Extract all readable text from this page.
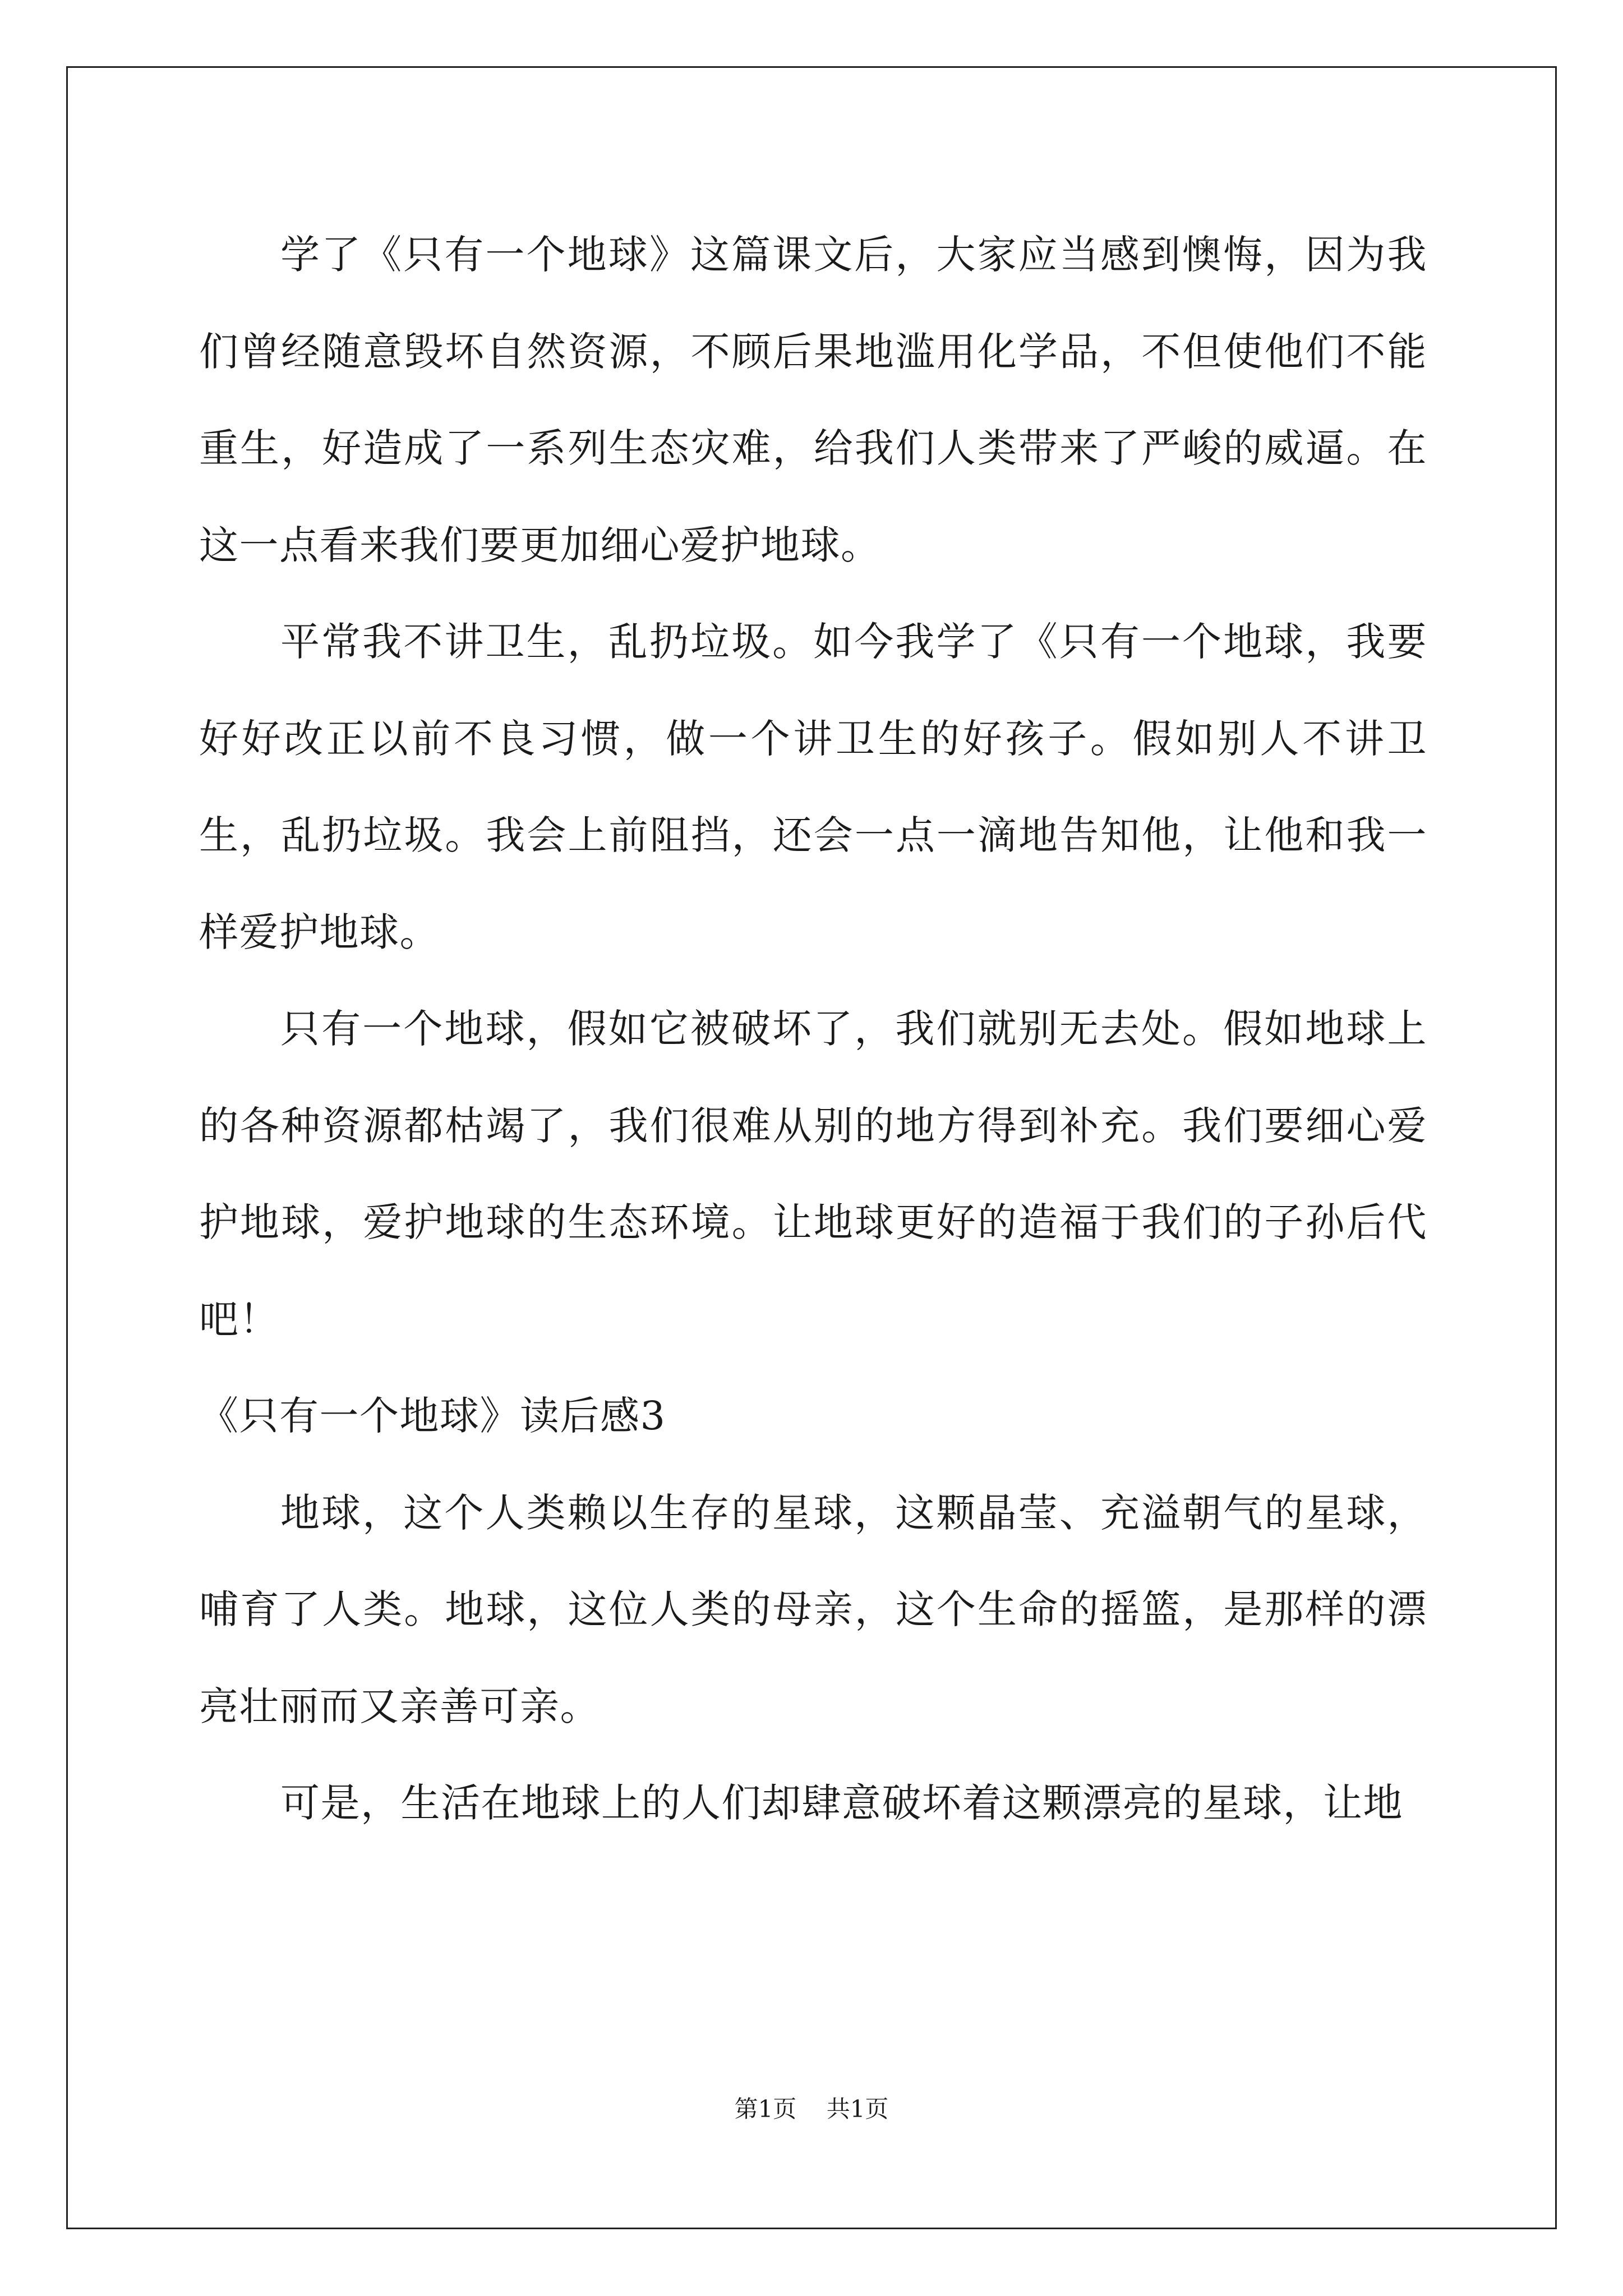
学了《只有一个地球》这篇课文后，大家应当感到懊悔，因为我们曾经随意毁坏自然资源，不顾后果地滥用化学品，不但使他们不能重生，好造成了一系列生态灾难，给我们人类带来了严峻的威逼。在这一点看来我们要更加细心爱护地球。

平常我不讲卫生，乱扔垃圾。如今我学了《只有一个地球，我要好好改正以前不良习惯，做一个讲卫生的好孩子。假如别人不讲卫生，乱扔垃圾。我会上前阻挡，还会一点一滴地告知他，让他和我一样爱护地球。

只有一个地球，假如它被破坏了，我们就别无去处。假如地球上的各种资源都枯竭了，我们很难从别的地方得到补充。我们要细心爱护地球，爱护地球的生态环境。让地球更好的造福于我们的子孙后代吧！

《只有一个地球》读后感3

地球，这个人类赖以生存的星球，这颗晶莹、充溢朝气的星球，哺育了人类。地球，这位人类的母亲，这个生命的摇篮，是那样的漂亮壮丽而又亲善可亲。

可是，生活在地球上的人们却肆意破坏着这颗漂亮的星球，让地

第1页 共1页
